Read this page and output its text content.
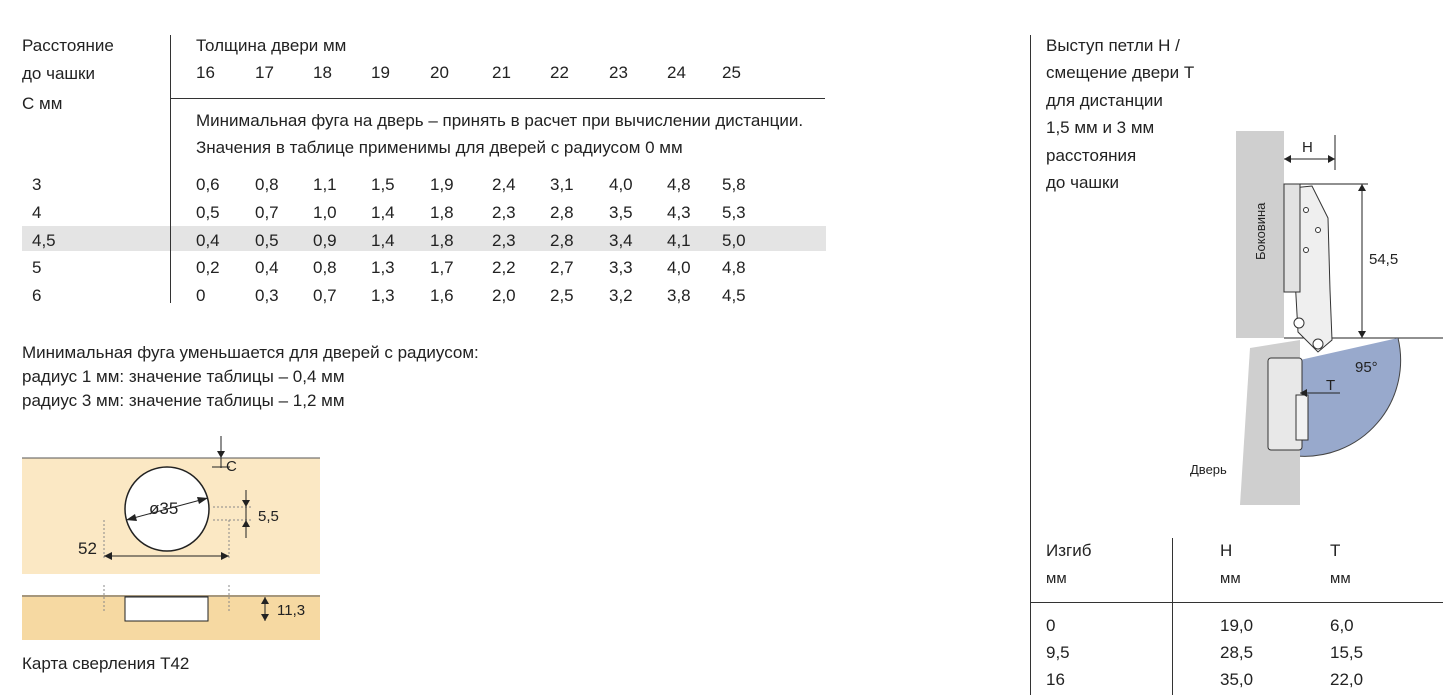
Расстояние
до чашки
C мм
Толщина двери мм
16 17 18 19 20	21 22 23 24 25
Минимальная фуга на дверь – принять в расчет при вычислении дистанции.
Значения в таблице применимы для дверей с радиусом 0 мм
3	0,6 0,8 1,1 1,5 1,9 2,4 3,1 4,0 4,8 5,8
4	0,5 0,7 1,0 1,4 1,8 2,3 2,8 3,5 4,3 5,3
4,5	0,4 0,5 0,9 1,4 1,8 2,3 2,8 3,4 4,1 5,0
5	0,2 0,4 0,8 1,3 1,7 2,2 2,7 3,3 4,0 4,8
6	0	0,3 0,7 1,3 1,6 2,0 2,5 3,2 3,8 4,5
Минимальная фуга уменьшается для дверей с радиусом:
радиус 1 мм: значение таблицы – 0,4 мм
радиус 3 мм: значение таблицы – 1,2 мм
C
ø35	5,5
52
11,3
Карта сверления T42
Выступ петли H /
смещение двери T
для дистанции
1,5 мм и 3 мм
расстояния
до чашки
Боковина
H
54,5
95°
T
Дверь
Изгиб
мм
H
мм
T
мм
0	19,0	6,0
9,5	28,5	15,5
16	35,0	22,0
